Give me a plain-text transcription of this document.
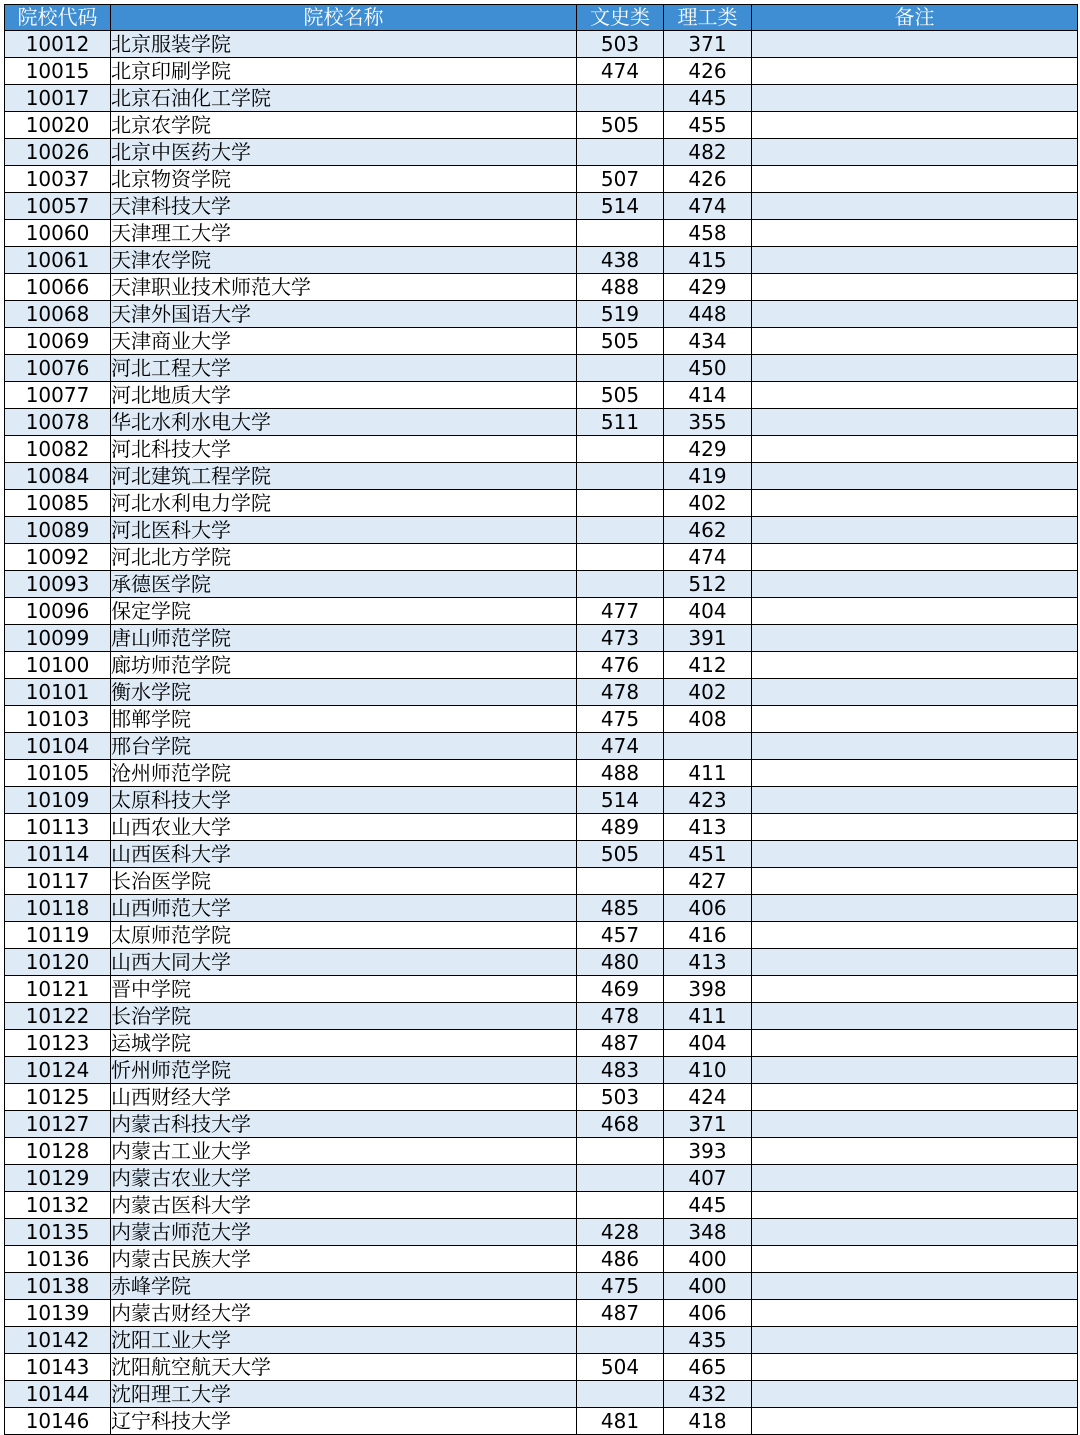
院校代码	院校名称	文史类	理工类	备注
10012	北京服装学院	503	371	
10015	北京印刷学院	474	426	
10017	北京石油化工学院		445	
10020	北京农学院	505	455	
10026	北京中医药大学		482	
10037	北京物资学院	507	426	
10057	天津科技大学	514	474	
10060	天津理工大学		458	
10061	天津农学院	438	415	
10066	天津职业技术师范大学	488	429	
10068	天津外国语大学	519	448	
10069	天津商业大学	505	434	
10076	河北工程大学		450	
10077	河北地质大学	505	414	
10078	华北水利水电大学	511	355	
10082	河北科技大学		429	
10084	河北建筑工程学院		419	
10085	河北水利电力学院		402	
10089	河北医科大学		462	
10092	河北北方学院		474	
10093	承德医学院		512	
10096	保定学院	477	404	
10099	唐山师范学院	473	391	
10100	廊坊师范学院	476	412	
10101	衡水学院	478	402	
10103	邯郸学院	475	408	
10104	邢台学院	474		
10105	沧州师范学院	488	411	
10109	太原科技大学	514	423	
10113	山西农业大学	489	413	
10114	山西医科大学	505	451	
10117	长治医学院		427	
10118	山西师范大学	485	406	
10119	太原师范学院	457	416	
10120	山西大同大学	480	413	
10121	晋中学院	469	398	
10122	长治学院	478	411	
10123	运城学院	487	404	
10124	忻州师范学院	483	410	
10125	山西财经大学	503	424	
10127	内蒙古科技大学	468	371	
10128	内蒙古工业大学		393	
10129	内蒙古农业大学		407	
10132	内蒙古医科大学		445	
10135	内蒙古师范大学	428	348	
10136	内蒙古民族大学	486	400	
10138	赤峰学院	475	400	
10139	内蒙古财经大学	487	406	
10142	沈阳工业大学		435	
10143	沈阳航空航天大学	504	465	
10144	沈阳理工大学		432	
10146	辽宁科技大学	481	418	
